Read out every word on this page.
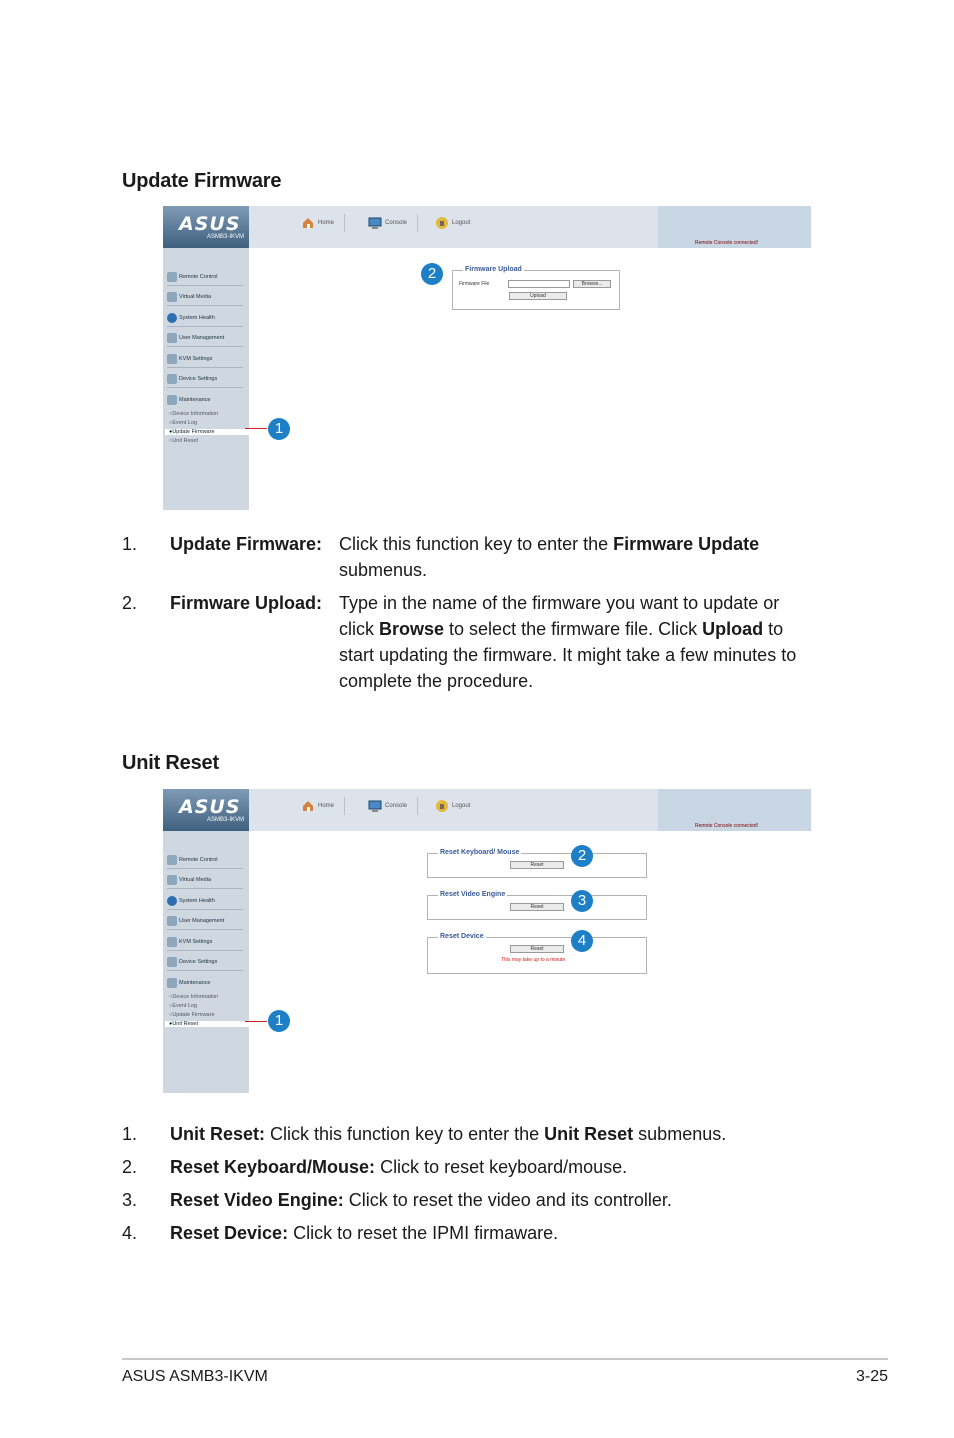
Update Firmware
ASUS
ASMB3-IKVM
Home	Console	Logout
Remote Console connected!
Remote Control
Virtual Media
System Health
User Management
KVM Settings
Device Settings
Maintenance
○Device Information
○Event Log
●Update Firmware
○Unit Reset
Firmware Upload
Firmware File	Browse...
Upload
1
2
1. Update Firmware: Click this function key to enter the Firmware Update
submenus.
2. Firmware Upload: Type in the name of the firmware you want to update or
click Browse to select the firmware file. Click Upload to
start updating the firmware. It might take a few minutes to
complete the procedure.
Unit Reset
ASUS
ASMB3-IKVM
Home	Console	Logout
Remote Console connected!
Remote Control
Virtual Media
System Health
User Management
KVM Settings
Device Settings
Maintenance
○Device Information
○Event Log
○Update Firmware
●Unit Reset
Reset Keyboard/ Mouse
Reset
Reset Video Engine
Reset
Reset Device
Reset
This may take up to a minute.
1
2
3
4
1. Unit Reset: Click this function key to enter the Unit Reset submenus.
2. Reset Keyboard/Mouse: Click to reset keyboard/mouse.
3. Reset Video Engine: Click to reset the video and its controller.
4. Reset Device: Click to reset the IPMI firmaware.
ASUS ASMB3-IKVM	3-25
